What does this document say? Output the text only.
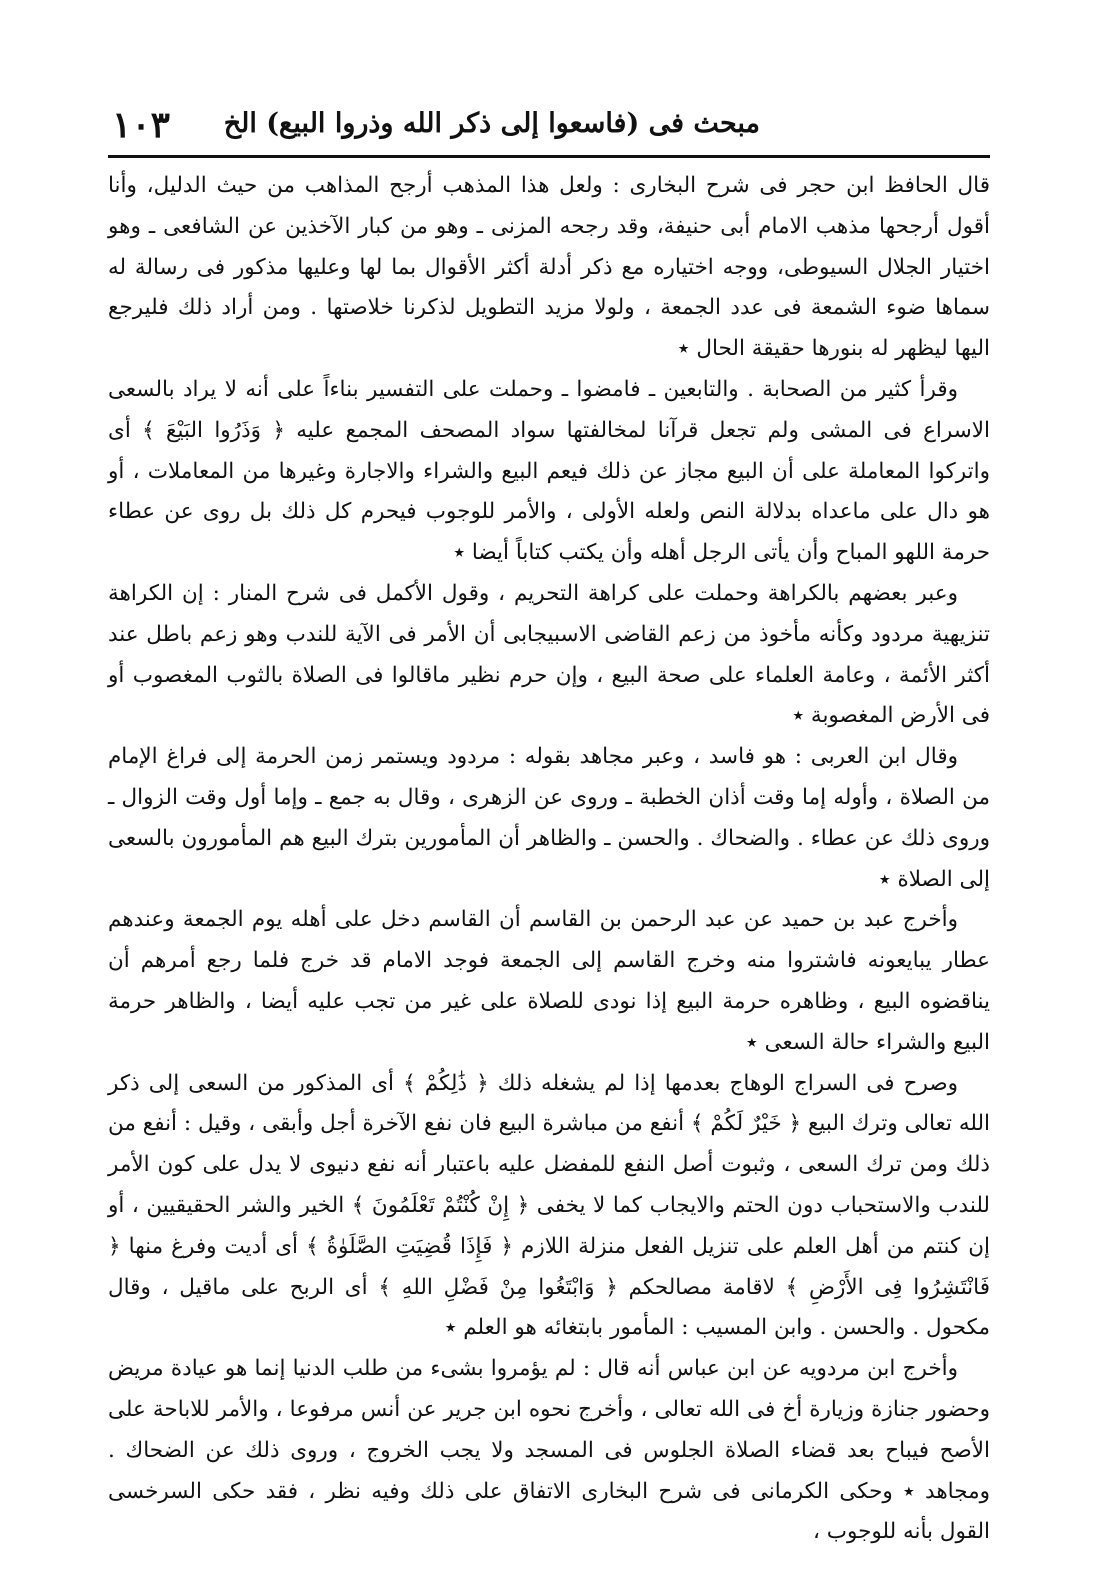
مبحث فى (فاسعوا إلى ذكر الله وذروا البيع) الخ
١٠٣

قال الحافظ ابن حجر فى شرح البخارى : ولعل هذا المذهب أرجح المذاهب من حيث الدليل، وأنا أقول أرجحها مذهب الامام أبى حنيفة، وقد رجحه المزنى ـ وهو من كبار الآخذين عن الشافعى ـ وهو اختيار الجلال السيوطى، ووجه اختياره مع ذكر أدلة أكثر الأقوال بما لها وعليها مذكور فى رسالة له سماها ضوء الشمعة فى عدد الجمعة ، ولولا مزيد التطويل لذكرنا خلاصتها . ومن أراد ذلك فليرجع اليها ليظهر له بنورها حقيقة الحال ٭

وقرأ كثير من الصحابة . والتابعين ـ فامضوا ـ وحملت على التفسير بناءاً على أنه لا يراد بالسعى الاسراع فى المشى ولم تجعل قرآنا لمخالفتها سواد المصحف المجمع عليه ﴿ وَذَرُوا البَيْعَ ﴾ أى واتركوا المعاملة على أن البيع مجاز عن ذلك فيعم البيع والشراء والاجارة وغيرها من المعاملات ، أو هو دال على ماعداه بدلالة النص ولعله الأولى ، والأمر للوجوب فيحرم كل ذلك بل روى عن عطاء حرمة اللهو المباح وأن يأتى الرجل أهله وأن يكتب كتاباً أيضا ٭

وعبر بعضهم بالكراهة وحملت على كراهة التحريم ، وقول الأكمل فى شرح المنار : إن الكراهة تنزيهية مردود وكأنه مأخوذ من زعم القاضى الاسبيجابى أن الأمر فى الآية للندب وهو زعم باطل عند أكثر الأئمة ، وعامة العلماء على صحة البيع ، وإن حرم نظير ماقالوا فى الصلاة بالثوب المغصوب أو فى الأرض المغصوبة ٭

وقال ابن العربى : هو فاسد ، وعبر مجاهد بقوله : مردود ويستمر زمن الحرمة إلى فراغ الإمام من الصلاة ، وأوله إما وقت أذان الخطبة ـ وروى عن الزهرى ، وقال به جمع ـ وإما أول وقت الزوال ـ وروى ذلك عن عطاء . والضحاك . والحسن ـ والظاهر أن المأمورين بترك البيع هم المأمورون بالسعى إلى الصلاة ٭

وأخرج عبد بن حميد عن عبد الرحمن بن القاسم أن القاسم دخل على أهله يوم الجمعة وعندهم عطار يبايعونه فاشتروا منه وخرج القاسم إلى الجمعة فوجد الامام قد خرج فلما رجع أمرهم أن يناقضوه البيع ، وظاهره حرمة البيع إذا نودى للصلاة على غير من تجب عليه أيضا ، والظاهر حرمة البيع والشراء حالة السعى ٭

وصرح فى السراج الوهاج بعدمها إذا لم يشغله ذلك ﴿ ذَٰلِكُمْ ﴾ أى المذكور من السعى إلى ذكر الله تعالى وترك البيع ﴿ خَيْرٌ لَكُمْ ﴾ أنفع من مباشرة البيع فان نفع الآخرة أجل وأبقى ، وقيل : أنفع من ذلك ومن ترك السعى ، وثبوت أصل النفع للمفضل عليه باعتبار أنه نفع دنيوى لا يدل على كون الأمر للندب والاستحباب دون الحتم والايجاب كما لا يخفى ﴿ إِنْ كُنْتُمْ تَعْلَمُونَ ﴾ الخير والشر الحقيقيين ، أو إن كنتم من أهل العلم على تنزيل الفعل منزلة اللازم ﴿ فَإِذَا قُضِيَتِ الصَّلَوٰةُ ﴾ أى أديت وفرغ منها ﴿ فَانْتَشِرُوا فِى الأَرْضِ ﴾ لاقامة مصالحكم ﴿ وَابْتَغُوا مِنْ فَضْلِ اللهِ ﴾ أى الربح على ماقيل ، وقال مكحول . والحسن . وابن المسيب : المأمور بابتغائه هو العلم ٭

وأخرج ابن مردويه عن ابن عباس أنه قال : لم يؤمروا بشىء من طلب الدنيا إنما هو عيادة مريض وحضور جنازة وزيارة أخ فى الله تعالى ، وأخرج نحوه ابن جرير عن أنس مرفوعا ، والأمر للاباحة على الأصح فيباح بعد قضاء الصلاة الجلوس فى المسجد ولا يجب الخروج ، وروى ذلك عن الضحاك . ومجاهد ٭ وحكى الكرمانى فى شرح البخارى الاتفاق على ذلك وفيه نظر ، فقد حكى السرخسى القول بأنه للوجوب ،
